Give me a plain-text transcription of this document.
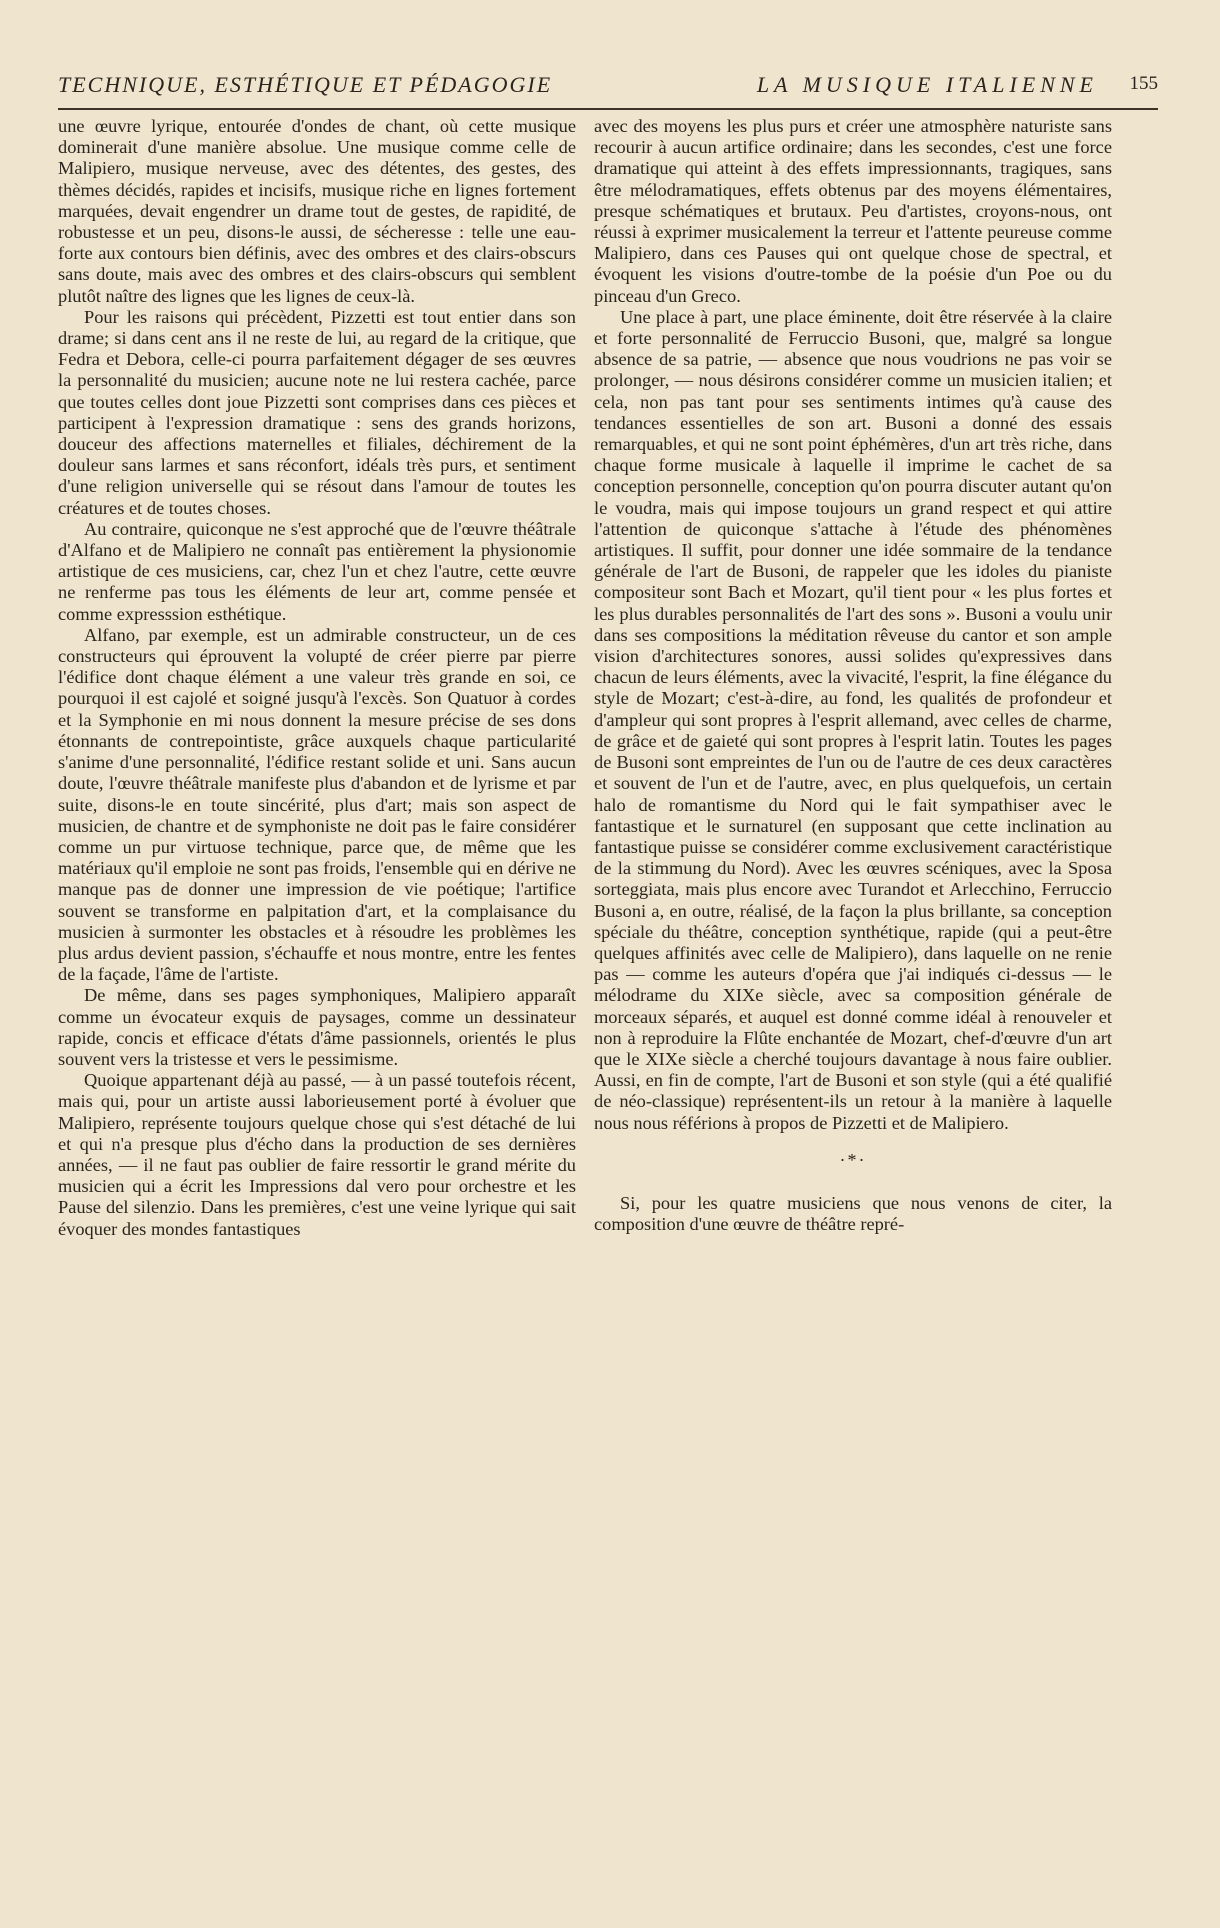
TECHNIQUE, ESTHÉTIQUE ET PÉDAGOGIE	LA MUSIQUE ITALIENNE 155

une œuvre lyrique, entourée d'ondes de chant, où cette musique dominerait d'une manière absolue. Une musique comme celle de Malipiero, musique nerveuse, avec des détentes, des gestes, des thèmes décidés, rapides et incisifs, musique riche en lignes fortement marquées, devait engendrer un drame tout de gestes, de rapidité, de robustesse et un peu, disons-le aussi, de sécheresse : telle une eau-forte aux contours bien définis, avec des ombres et des clairs-obscurs sans doute, mais avec des ombres et des clairs-obscurs qui semblent plutôt naître des lignes que les lignes de ceux-là.

Pour les raisons qui précèdent, Pizzetti est tout entier dans son drame; si dans cent ans il ne reste de lui, au regard de la critique, que Fedra et Debora, celle-ci pourra parfaitement dégager de ses œuvres la personnalité du musicien; aucune note ne lui restera cachée, parce que toutes celles dont joue Pizzetti sont comprises dans ces pièces et participent à l'expression dramatique : sens des grands horizons, douceur des affections maternelles et filiales, déchirement de la douleur sans larmes et sans réconfort, idéals très purs, et sentiment d'une religion universelle qui se résout dans l'amour de toutes les créatures et de toutes choses.

Au contraire, quiconque ne s'est approché que de l'œuvre théâtrale d'Alfano et de Malipiero ne connaît pas entièrement la physionomie artistique de ces musiciens, car, chez l'un et chez l'autre, cette œuvre ne renferme pas tous les éléments de leur art, comme pensée et comme expresssion esthétique.

Alfano, par exemple, est un admirable constructeur, un de ces constructeurs qui éprouvent la volupté de créer pierre par pierre l'édifice dont chaque élément a une valeur très grande en soi, ce pourquoi il est cajolé et soigné jusqu'à l'excès. Son Quatuor à cordes et la Symphonie en mi nous donnent la mesure précise de ses dons étonnants de contrepointiste, grâce auxquels chaque particularité s'anime d'une personnalité, l'édifice restant solide et uni. Sans aucun doute, l'œuvre théâtrale manifeste plus d'abandon et de lyrisme et par suite, disons-le en toute sincérité, plus d'art; mais son aspect de musicien, de chantre et de symphoniste ne doit pas le faire considérer comme un pur virtuose technique, parce que, de même que les matériaux qu'il emploie ne sont pas froids, l'ensemble qui en dérive ne manque pas de donner une impression de vie poétique; l'artifice souvent se transforme en palpitation d'art, et la complaisance du musicien à surmonter les obstacles et à résoudre les problèmes les plus ardus devient passion, s'échauffe et nous montre, entre les fentes de la façade, l'âme de l'artiste.

De même, dans ses pages symphoniques, Malipiero apparaît comme un évocateur exquis de paysages, comme un dessinateur rapide, concis et efficace d'états d'âme passionnels, orientés le plus souvent vers la tristesse et vers le pessimisme.

Quoique appartenant déjà au passé, — à un passé toutefois récent, mais qui, pour un artiste aussi laborieusement porté à évoluer que Malipiero, représente toujours quelque chose qui s'est détaché de lui et qui n'a presque plus d'écho dans la production de ses dernières années, — il ne faut pas oublier de faire ressortir le grand mérite du musicien qui a écrit les Impressions dal vero pour orchestre et les Pause del silenzio. Dans les premières, c'est une veine lyrique qui sait évoquer des mondes fantastiques

avec des moyens les plus purs et créer une atmosphère naturiste sans recourir à aucun artifice ordinaire; dans les secondes, c'est une force dramatique qui atteint à des effets impressionnants, tragiques, sans être mélodramatiques, effets obtenus par des moyens élémentaires, presque schématiques et brutaux. Peu d'artistes, croyons-nous, ont réussi à exprimer musicalement la terreur et l'attente peureuse comme Malipiero, dans ces Pauses qui ont quelque chose de spectral, et évoquent les visions d'outre-tombe de la poésie d'un Poe ou du pinceau d'un Greco.

Une place à part, une place éminente, doit être réservée à la claire et forte personnalité de Ferruccio Busoni, que, malgré sa longue absence de sa patrie, — absence que nous voudrions ne pas voir se prolonger, — nous désirons considérer comme un musicien italien; et cela, non pas tant pour ses sentiments intimes qu'à cause des tendances essentielles de son art. Busoni a donné des essais remarquables, et qui ne sont point éphémères, d'un art très riche, dans chaque forme musicale à laquelle il imprime le cachet de sa conception personnelle, conception qu'on pourra discuter autant qu'on le voudra, mais qui impose toujours un grand respect et qui attire l'attention de quiconque s'attache à l'étude des phénomènes artistiques. Il suffit, pour donner une idée sommaire de la tendance générale de l'art de Busoni, de rappeler que les idoles du pianiste compositeur sont Bach et Mozart, qu'il tient pour « les plus fortes et les plus durables personnalités de l'art des sons ». Busoni a voulu unir dans ses compositions la méditation rêveuse du cantor et son ample vision d'architectures sonores, aussi solides qu'expressives dans chacun de leurs éléments, avec la vivacité, l'esprit, la fine élégance du style de Mozart; c'est-à-dire, au fond, les qualités de profondeur et d'ampleur qui sont propres à l'esprit allemand, avec celles de charme, de grâce et de gaieté qui sont propres à l'esprit latin. Toutes les pages de Busoni sont empreintes de l'un ou de l'autre de ces deux caractères et souvent de l'un et de l'autre, avec, en plus quelquefois, un certain halo de romantisme du Nord qui le fait sympathiser avec le fantastique et le surnaturel (en supposant que cette inclination au fantastique puisse se considérer comme exclusivement caractéristique de la stimmung du Nord). Avec les œuvres scéniques, avec la Sposa sorteggiata, mais plus encore avec Turandot et Arlecchino, Ferruccio Busoni a, en outre, réalisé, de la façon la plus brillante, sa conception spéciale du théâtre, conception synthétique, rapide (qui a peut-être quelques affinités avec celle de Malipiero), dans laquelle on ne renie pas — comme les auteurs d'opéra que j'ai indiqués ci-dessus — le mélodrame du XIXe siècle, avec sa composition générale de morceaux séparés, et auquel est donné comme idéal à renouveler et non à reproduire la Flûte enchantée de Mozart, chef-d'œuvre d'un art que le XIXe siècle a cherché toujours davantage à nous faire oublier. Aussi, en fin de compte, l'art de Busoni et son style (qui a été qualifié de néo-classique) représentent-ils un retour à la manière à laquelle nous nous référions à propos de Pizzetti et de Malipiero.

·*·

Si, pour les quatre musiciens que nous venons de citer, la composition d'une œuvre de théâtre repré-
